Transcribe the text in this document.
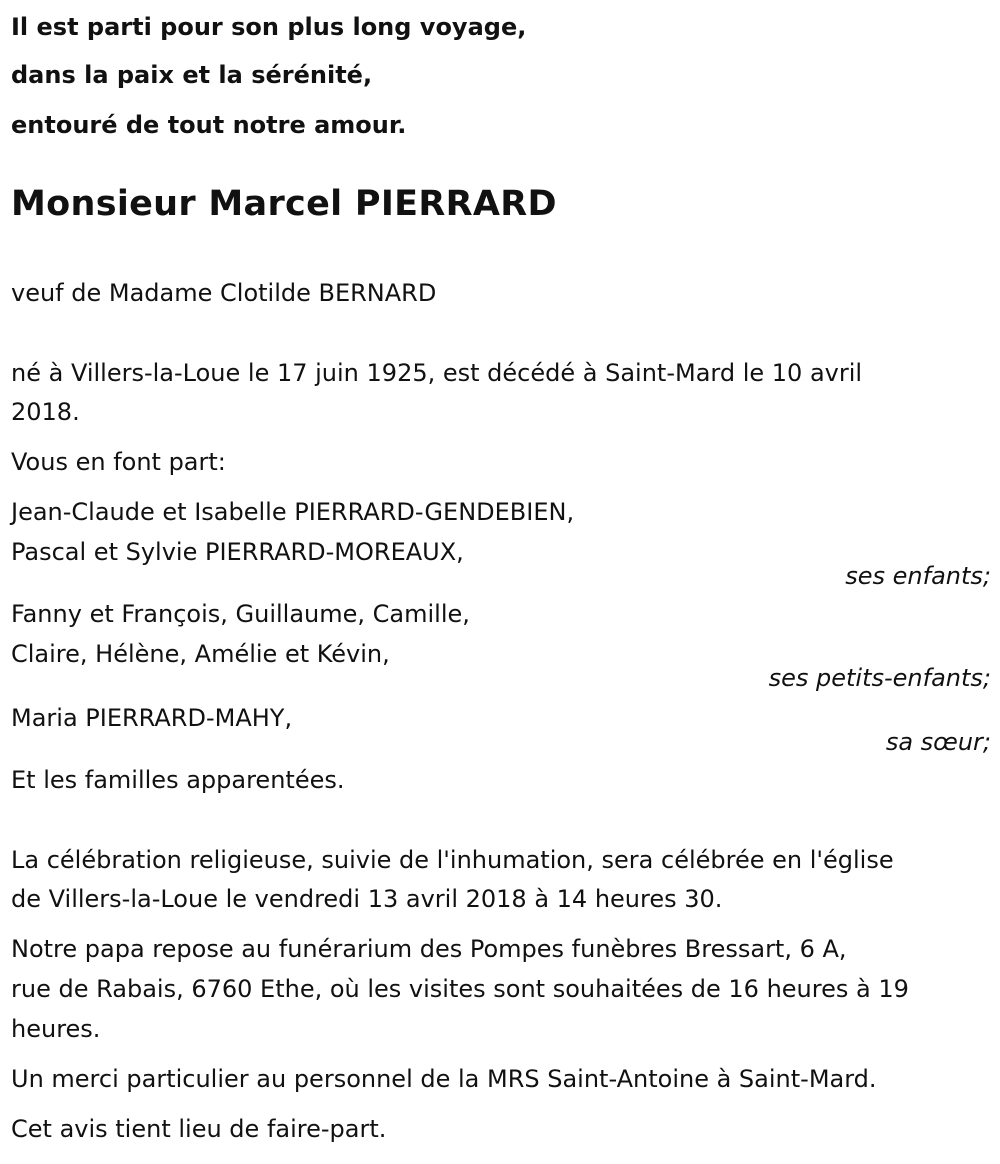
Il est parti pour son plus long voyage,
dans la paix et la sérénité,
entouré de tout notre amour.
Monsieur Marcel PIERRARD
veuf de Madame Clotilde BERNARD
né à Villers-la-Loue le 17 juin 1925, est décédé à Saint-Mard le 10 avril
2018.
Vous en font part:
Jean-Claude et Isabelle PIERRARD-GENDEBIEN,
Pascal et Sylvie PIERRARD-MOREAUX,
ses enfants;
Fanny et François, Guillaume, Camille,
Claire, Hélène, Amélie et Kévin,
ses petits-enfants;
Maria PIERRARD-MAHY,
sa sœur;
Et les familles apparentées.
La célébration religieuse, suivie de l'inhumation, sera célébrée en l'église
de Villers-la-Loue le vendredi 13 avril 2018 à 14 heures 30.
Notre papa repose au funérarium des Pompes funèbres Bressart, 6 A,
rue de Rabais, 6760 Ethe, où les visites sont souhaitées de 16 heures à 19
heures.
Un merci particulier au personnel de la MRS Saint-Antoine à Saint-Mard.
Cet avis tient lieu de faire-part.
